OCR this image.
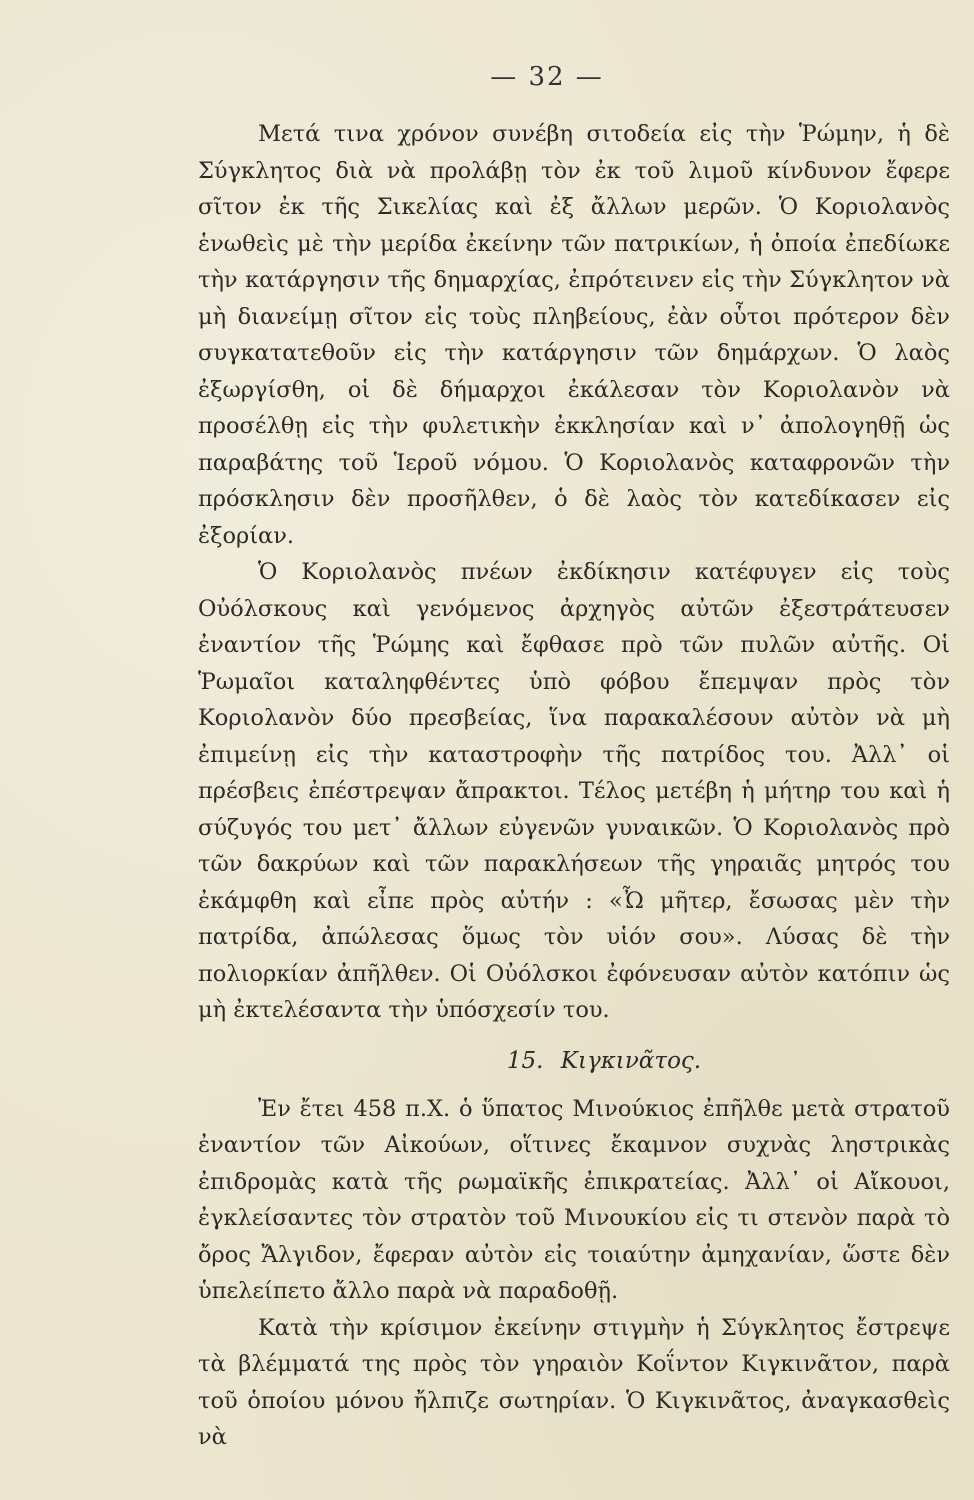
— 32 —

Μετά τινα χρόνον συνέβη σιτοδεία εἰς τὴν Ῥώμην, ἡ δὲ Σύγκλητος διὰ νὰ προλάβῃ τὸν ἐκ τοῦ λιμοῦ κίνδυνον ἔφερε σῖτον ἐκ τῆς Σικελίας καὶ ἐξ ἄλλων μερῶν. Ὁ Κοριολανὸς ἑνωθεὶς μὲ τὴν μερίδα ἐκείνην τῶν πατρικίων, ἡ ὁποία ἐπεδίωκε τὴν κατάργησιν τῆς δημαρχίας, ἐπρότεινεν εἰς τὴν Σύγκλητον νὰ μὴ διανείμῃ σῖτον εἰς τοὺς πληβείους, ἐὰν οὗτοι πρότερον δὲν συγκατατεθοῦν εἰς τὴν κατάργησιν τῶν δημάρχων. Ὁ λαὸς ἐξωργίσθη, οἱ δὲ δήμαρχοι ἐκάλεσαν τὸν Κοριολανὸν νὰ προσέλθῃ εἰς τὴν φυλετικὴν ἐκκλησίαν καὶ ν᾽ ἀπολογηθῇ ὡς παραβάτης τοῦ Ἱεροῦ νόμου. Ὁ Κοριολανὸς καταφρονῶν τὴν πρόσκλησιν δὲν προσῆλθεν, ὁ δὲ λαὸς τὸν κατεδίκασεν εἰς ἐξορίαν.

Ὁ Κοριολανὸς πνέων ἐκδίκησιν κατέφυγεν εἰς τοὺς Οὐόλσκους καὶ γενόμενος ἀρχηγὸς αὐτῶν ἐξεστράτευσεν ἐναντίον τῆς Ῥώμης καὶ ἔφθασε πρὸ τῶν πυλῶν αὐτῆς. Οἱ Ῥωμαῖοι καταληφθέντες ὑπὸ φόβου ἔπεμψαν πρὸς τὸν Κοριολανὸν δύο πρεσβείας, ἵνα παρακαλέσουν αὐτὸν νὰ μὴ ἐπιμείνῃ εἰς τὴν καταστροφὴν τῆς πατρίδος του. Ἀλλ᾽ οἱ πρέσβεις ἐπέστρεψαν ἄπρακτοι. Τέλος μετέβη ἡ μήτηρ του καὶ ἡ σύζυγός του μετ᾽ ἄλλων εὐγενῶν γυναικῶν. Ὁ Κοριολανὸς πρὸ τῶν δακρύων καὶ τῶν παρακλήσεων τῆς γηραιᾶς μητρός του ἐκάμφθη καὶ εἶπε πρὸς αὐτήν : «Ὦ μῆτερ, ἔσωσας μὲν τὴν πατρίδα, ἀπώλεσας ὅμως τὸν υἱόν σου». Λύσας δὲ τὴν πολιορκίαν ἀπῆλθεν. Οἱ Οὐόλσκοι ἐφόνευσαν αὐτὸν κατόπιν ὡς μὴ ἐκτελέσαντα τὴν ὑπόσχεσίν του.

15. Κιγκινᾶτος.

Ἐν ἔτει 458 π.Χ. ὁ ὕπατος Μινούκιος ἐπῆλθε μετὰ στρατοῦ ἐναντίον τῶν Αἰκούων, οἵτινες ἔκαμνον συχνὰς ληστρικὰς ἐπιδρομὰς κατὰ τῆς ρωμαϊκῆς ἐπικρατείας. Ἀλλ᾽ οἱ Αἴκουοι, ἐγκλείσαντες τὸν στρατὸν τοῦ Μινουκίου εἰς τι στενὸν παρὰ τὸ ὄρος Ἄλγιδον, ἔφεραν αὐτὸν εἰς τοιαύτην ἀμηχανίαν, ὥστε δὲν ὑπελείπετο ἄλλο παρὰ νὰ παραδοθῇ.

Κατὰ τὴν κρίσιμον ἐκείνην στιγμὴν ἡ Σύγκλητος ἔστρεψε τὰ βλέμματά της πρὸς τὸν γηραιὸν Κοΐντον Κιγκινᾶτον, παρὰ τοῦ ὁποίου μόνου ἤλπιζε σωτηρίαν. Ὁ Κιγκινᾶτος, ἀναγκασθεὶς νὰ
